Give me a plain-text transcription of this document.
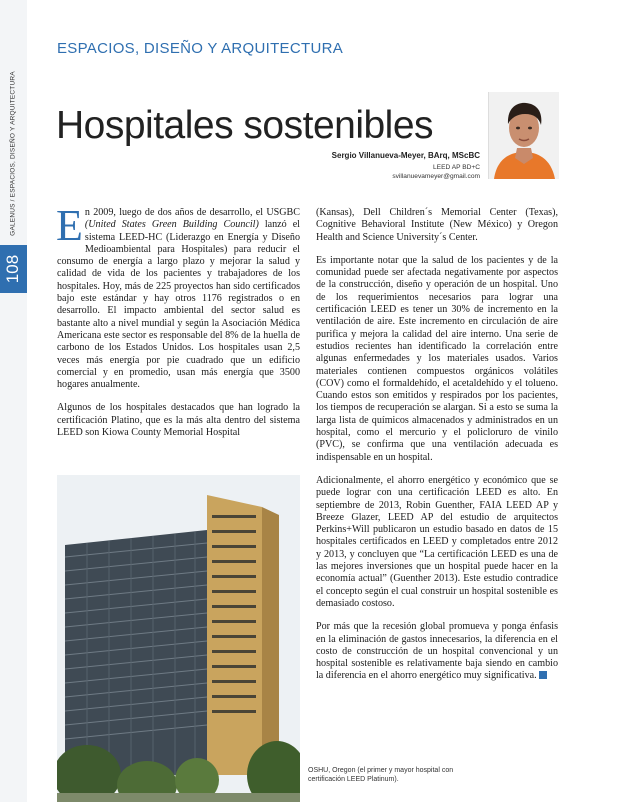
GALENUS / ESPACIOS, DISEÑO Y ARQUITECTURA
108
ESPACIOS, DISEÑO Y ARQUITECTURA
Hospitales sostenibles
Sergio Villanueva-Meyer, BArq, MScBC
LEED AP BD+C
svillanuevameyer@gmail.com

En 2009, luego de dos años de desarrollo, el USGBC (United States Green Building Council) lanzó el sistema LEED-HC (Liderazgo en Energía y Diseño Medioambiental para Hospitales) para reducir el consumo de energía a largo plazo y mejorar la salud y calidad de vida de los pacientes y trabajadores de los hospitales. Hoy, más de 225 proyectos han sido certificados bajo este estándar y hay otros 1176 registrados o en desarrollo. El impacto ambiental del sector salud es bastante alto a nivel mundial y según la Asociación Médica Americana este sector es responsable del 8% de la huella de carbono de los Estados Unidos. Los hospitales usan 2,5 veces más energía por pie cuadrado que un edificio comercial y en promedio, usan más energía que 3500 hogares anualmente.

Algunos de los hospitales destacados que han logrado la certificación Platino, que es la más alta dentro del sistema LEED son Kiowa County Memorial Hospital

(Kansas), Dell Children´s Memorial Center (Texas), Cognitive Behavioral Institute (New México) y Oregon Health and Science University´s Center.

Es importante notar que la salud de los pacientes y de la comunidad puede ser afectada negativamente por aspectos de la construcción, diseño y operación de un hospital. Uno de los requerimientos necesarios para lograr una certificación LEED es tener un 30% de incremento en la ventilación de aire. Este incremento en circulación de aire purifica y mejora la calidad del aire interno. Una serie de estudios recientes han identificado la correlación entre algunas enfermedades y los materiales usados. Varios materiales contienen compuestos orgánicos volátiles (COV) como el formaldehído, el acetaldehído y el tolueno. Cuando estos son emitidos y respirados por los pacientes, los tiempos de recuperación se alargan. Si a esto se suma la larga lista de químicos almacenados y administrados en un hospital, como el mercurio y el policloruro de vinilo (PVC), se confirma que una ventilación adecuada es indispensable en un hospital.

Adicionalmente, el ahorro energético y económico que se puede lograr con una certificación LEED es alto. En septiembre de 2013, Robin Guenther, FAIA LEED AP y Breeze Glazer, LEED AP del estudio de arquitectos Perkins+Will publicaron un estudio basado en datos de 15 hospitales certificados en LEED y completados entre 2012 y 2013, y concluyen que “La certificación LEED es una de las mejores inversiones que un hospital puede hacer en la economía actual” (Guenther 2013). Este estudio contradice el concepto según el cual construir un hospital sostenible es demasiado costoso.

Por más que la recesión global promueva y ponga énfasis en la eliminación de gastos innecesarios, la diferencia en el costo de construcción de un hospital convencional y un hospital sostenible es relativamente baja siendo en cambio la diferencia en el ahorro energético muy significativa.

OSHU, Oregon (el primer y mayor hospital con certificación LEED Platinum).
